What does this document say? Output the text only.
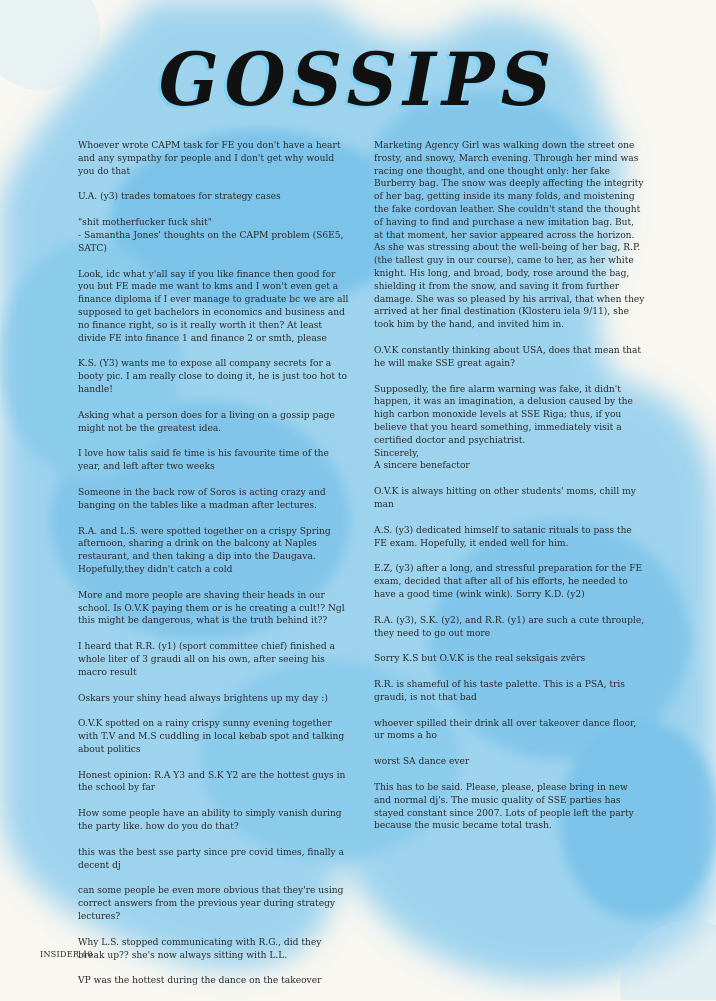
GOSSIPS

Whoever wrote CAPM task for FE you don't have a heart and any sympathy for people and I don't get why would you do that

U.A. (y3) trades tomatoes for strategy cases

"shit motherfucker fuck shit"
- Samantha Jones' thoughts on the CAPM problem (S6E5, SATC)

Look, idc what y'all say if you like finance then good for you but FE made me want to kms and I won't even get a finance diploma if I ever manage to graduate bc we are all supposed to get bachelors in economics and business and no finance right, so is it really worth it then? At least divide FE into finance 1 and finance 2 or smth, please

K.S. (Y3) wants me to expose all company secrets for a booty pic. I am really close to doing it, he is just too hot to handle!

Asking what a person does for a living on a gossip page might not be the greatest idea.

I love how talis said fe time is his favourite time of the year, and left after two weeks

Someone in the back row of Soros is acting crazy and banging on the tables like a madman after lectures.

R.A. and L.S. were spotted together on a crispy Spring afternoon, sharing a drink on the balcony at Naples restaurant, and then taking a dip into the Daugava. Hopefully,they didn't catch a cold

More and more people are shaving their heads in our school. Is O.V.K paying them or is he creating a cult!? Ngl this might be dangerous, what is the truth behind it??

I heard that R.R. (y1) (sport committee chief) finished a whole liter of 3 graudi all on his own, after seeing his macro result

Oskars your shiny head always brightens up my day :)

O.V.K spotted on a rainy crispy sunny evening together with T.V and M.S cuddling in local kebab spot and talking about politics

Honest opinion: R.A Y3 and S.K Y2 are the hottest guys in the school by far

How some people have an ability to simply vanish during the party like. how do you do that?

this was the best sse party since pre covid times, finally a decent dj

can some people be even more obvious that they're using correct answers from the previous year during strategy lectures?

Why L.S. stopped communicating with R.G., did they break up?? she's now always sitting with L.L.

VP was the hottest during the dance on the takeover

Marketing Agency Girl was walking down the street one frosty, and snowy, March evening. Through her mind was racing one thought, and one thought only: her fake Burberry bag. The snow was deeply affecting the integrity of her bag, getting inside its many folds, and moistening the fake cordovan leather. She couldn't stand the thought of having to find and purchase a new imitation bag. But, at that moment, her savior appeared across the horizon. As she was stressing about the well-being of her bag, R.P. (the tallest guy in our course), came to her, as her white knight. His long, and broad, body, rose around the bag, shielding it from the snow, and saving it from further damage. She was so pleased by his arrival, that when they arrived at her final destination (Klosteru iela 9/11), she took him by the hand, and invited him in.

O.V.K constantly thinking about USA, does that mean that he will make SSE great again?

Supposedly, the fire alarm warning was fake, it didn't happen, it was an imagination, a delusion caused by the high carbon monoxide levels at SSE Riga; thus, if you believe that you heard something, immediately visit a certified doctor and psychiatrist.
Sincerely,
A sincere benefactor

O.V.K is always hitting on other students' moms, chill my man

A.S. (y3) dedicated himself to satanic rituals to pass the FE exam. Hopefully, it ended well for him.

E.Z, (y3) after a long, and stressful preparation for the FE exam, decided that after all of his efforts, he needed to have a good time (wink wink). Sorry K.D. (y2)

R.A. (y3), S.K. (y2), and R.R. (y1) are such a cute throuple, they need to go out more

Sorry K.S but O.V.K is the real seksīgais zvērs

R.R. is shameful of his taste palette. This is a PSA, tris graudi, is not that bad

whoever spilled their drink all over takeover dance floor, ur moms a ho

worst SA dance ever

This has to be said. Please, please, please bring in new and normal dj's. The music quality of SSE parties has stayed constant since 2007. Lots of people left the party because the music became total trash.

INSIDER 40
